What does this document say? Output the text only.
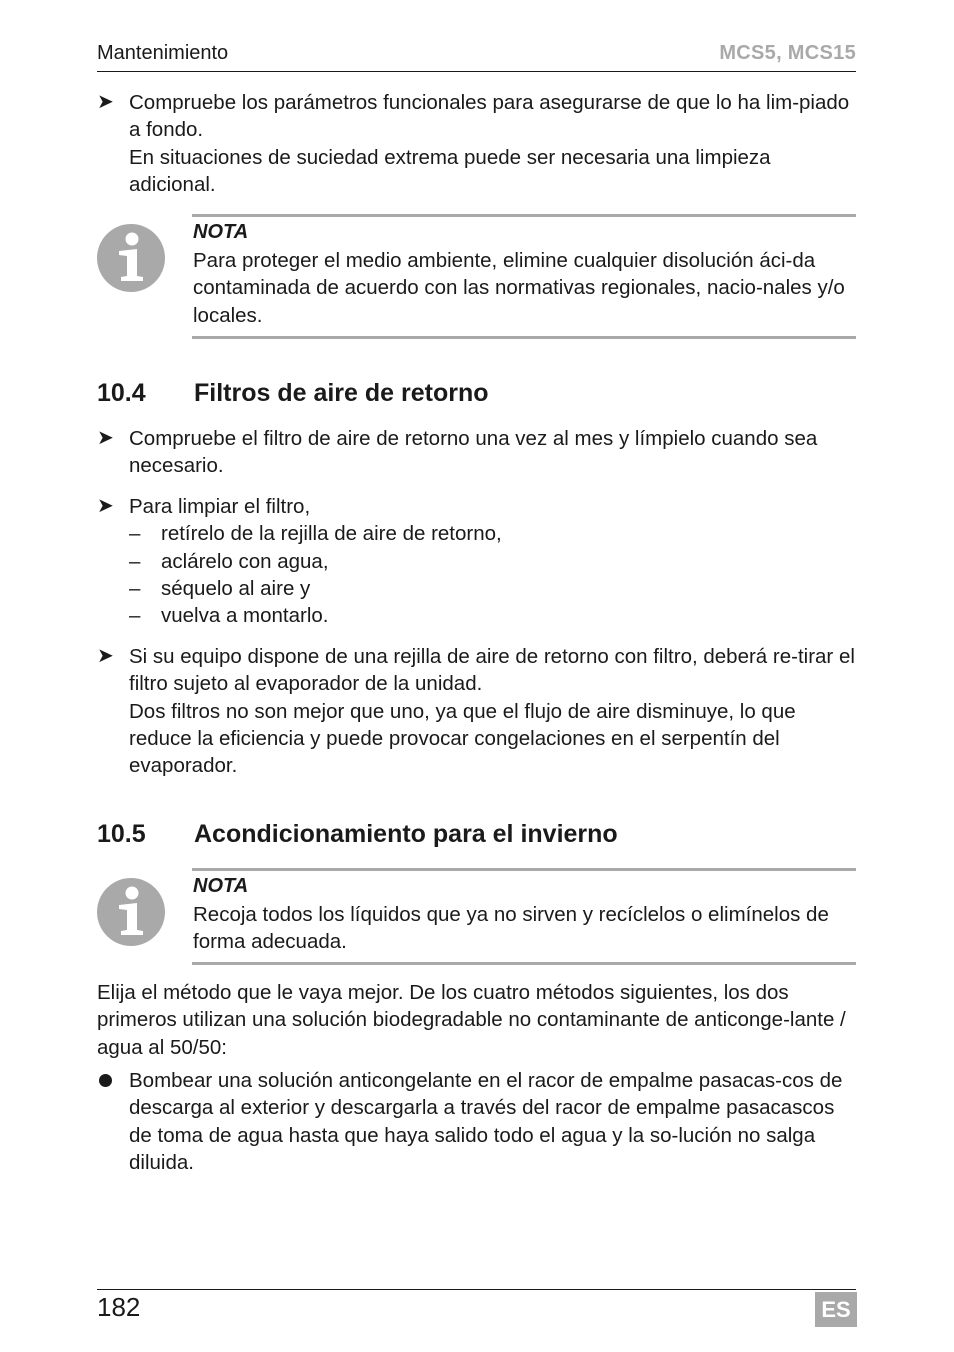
Mantenimiento	MCS5, MCS15
➤ Compruebe los parámetros funcionales para asegurarse de que lo ha lim-piado a fondo.

En situaciones de suciedad extrema puede ser necesaria una limpieza adicional.

NOTA
Para proteger el medio ambiente, elimine cualquier disolución áci-da contaminada de acuerdo con las normativas regionales, nacio-nales y/o locales.
10.4 Filtros de aire de retorno
➤ Compruebe el filtro de aire de retorno una vez al mes y límpielo cuando sea necesario.

➤ Para limpiar el filtro,

– retírelo de la rejilla de aire de retorno,
– aclárelo con agua,
– séquelo al aire y
– vuelva a montarlo.
➤ Si su equipo dispone de una rejilla de aire de retorno con filtro, deberá re-tirar el filtro sujeto al evaporador de la unidad.

Dos filtros no son mejor que uno, ya que el flujo de aire disminuye, lo que reduce la eficiencia y puede provocar congelaciones en el serpentín del evaporador.

10.5 Acondicionamiento para el invierno
NOTA
Recoja todos los líquidos que ya no sirven y recíclelos o elimínelos de forma adecuada.
Elija el método que le vaya mejor. De los cuatro métodos siguientes, los dos primeros utilizan una solución biodegradable no contaminante de anticonge-lante / agua al 50/50:

Bombear una solución anticongelante en el racor de empalme pasacas-cos de descarga al exterior y descargarla a través del racor de empalme pasacascos de toma de agua hasta que haya salido todo el agua y la so-lución no salga diluida.

182	ES
